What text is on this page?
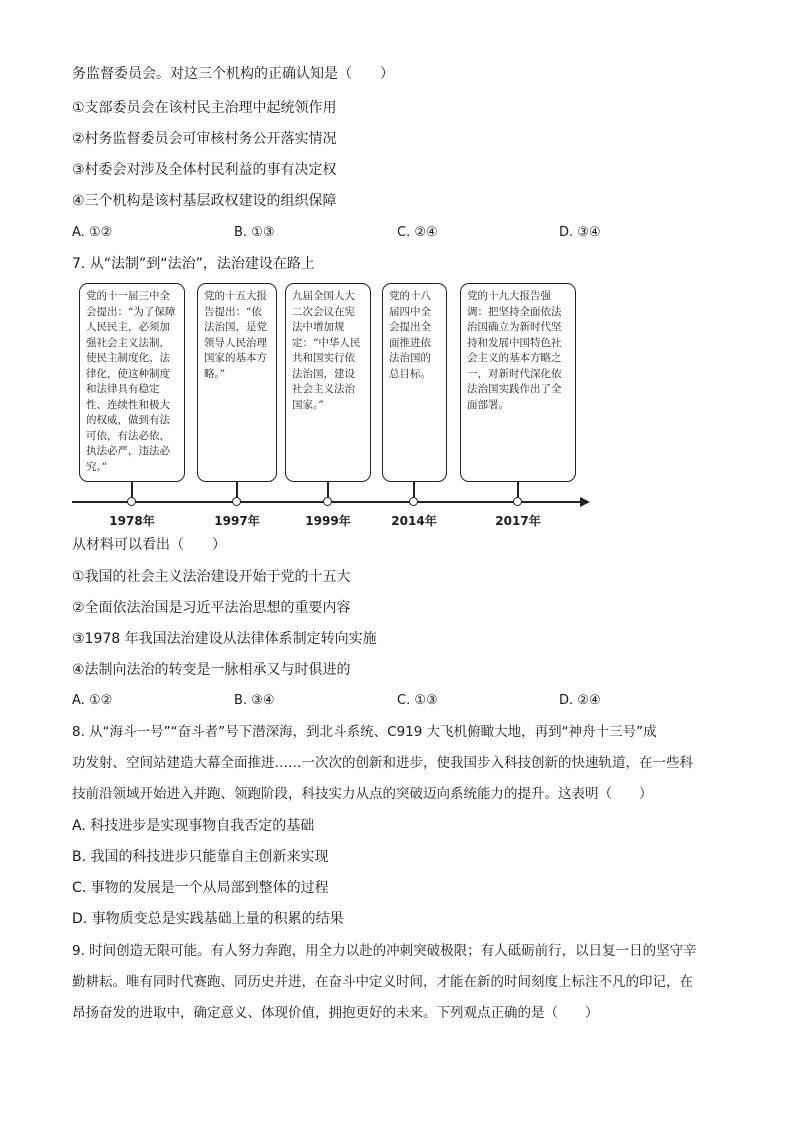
务监督委员会。对这三个机构的正确认知是（　　）
①支部委员会在该村民主治理中起统领作用
②村务监督委员会可审核村务公开落实情况
③村委会对涉及全体村民利益的事有决定权
④三个机构是该村基层政权建设的组织保障
A. ①②	B. ①③	C. ②④	D. ③④
7. 从“法制”到“法治”，法治建设在路上
党的十一届三中全会提出：“为了保障人民民主，必须加强社会主义法制，使民主制度化、法律化，使这种制度和法律具有稳定性、连续性和极大的权威，做到有法可依，有法必依，执法必严，违法必究。”
党的十五大报告提出：“依法治国，是党领导人民治理国家的基本方略。”
九届全国人大二次会议在宪法中增加规定：“中华人民共和国实行依法治国，建设社会主义法治国家。”
党的十八届四中全会提出全面推进依法治国的总目标。
党的十九大报告强调：把坚持全面依法治国确立为新时代坚持和发展中国特色社会主义的基本方略之一，对新时代深化依法治国实践作出了全面部署。
1978年	1997年	1999年	2014年	2017年
从材料可以看出（　　）
①我国的社会主义法治建设开始于党的十五大
②全面依法治国是习近平法治思想的重要内容
③1978 年我国法治建设从法律体系制定转向实施
④法制向法治的转变是一脉相承又与时俱进的
A. ①②	B. ③④	C. ①③	D. ②④
8. 从“海斗一号”“奋斗者”号下潜深海，到北斗系统、C919 大飞机俯瞰大地，再到“神舟十三号”成
功发射、空间站建造大幕全面推进……一次次的创新和进步，使我国步入科技创新的快速轨道，在一些科
技前沿领域开始进入并跑、领跑阶段，科技实力从点的突破迈向系统能力的提升。这表明（　　）
A. 科技进步是实现事物自我否定的基础
B. 我国的科技进步只能靠自主创新来实现
C. 事物的发展是一个从局部到整体的过程
D. 事物质变总是实践基础上量的积累的结果
9. 时间创造无限可能。有人努力奔跑，用全力以赴的冲刺突破极限；有人砥砺前行，以日复一日的坚守辛
勤耕耘。唯有同时代赛跑、同历史并进，在奋斗中定义时间，才能在新的时间刻度上标注不凡的印记，在
昂扬奋发的进取中，确定意义、体现价值，拥抱更好的未来。下列观点正确的是（　　）
